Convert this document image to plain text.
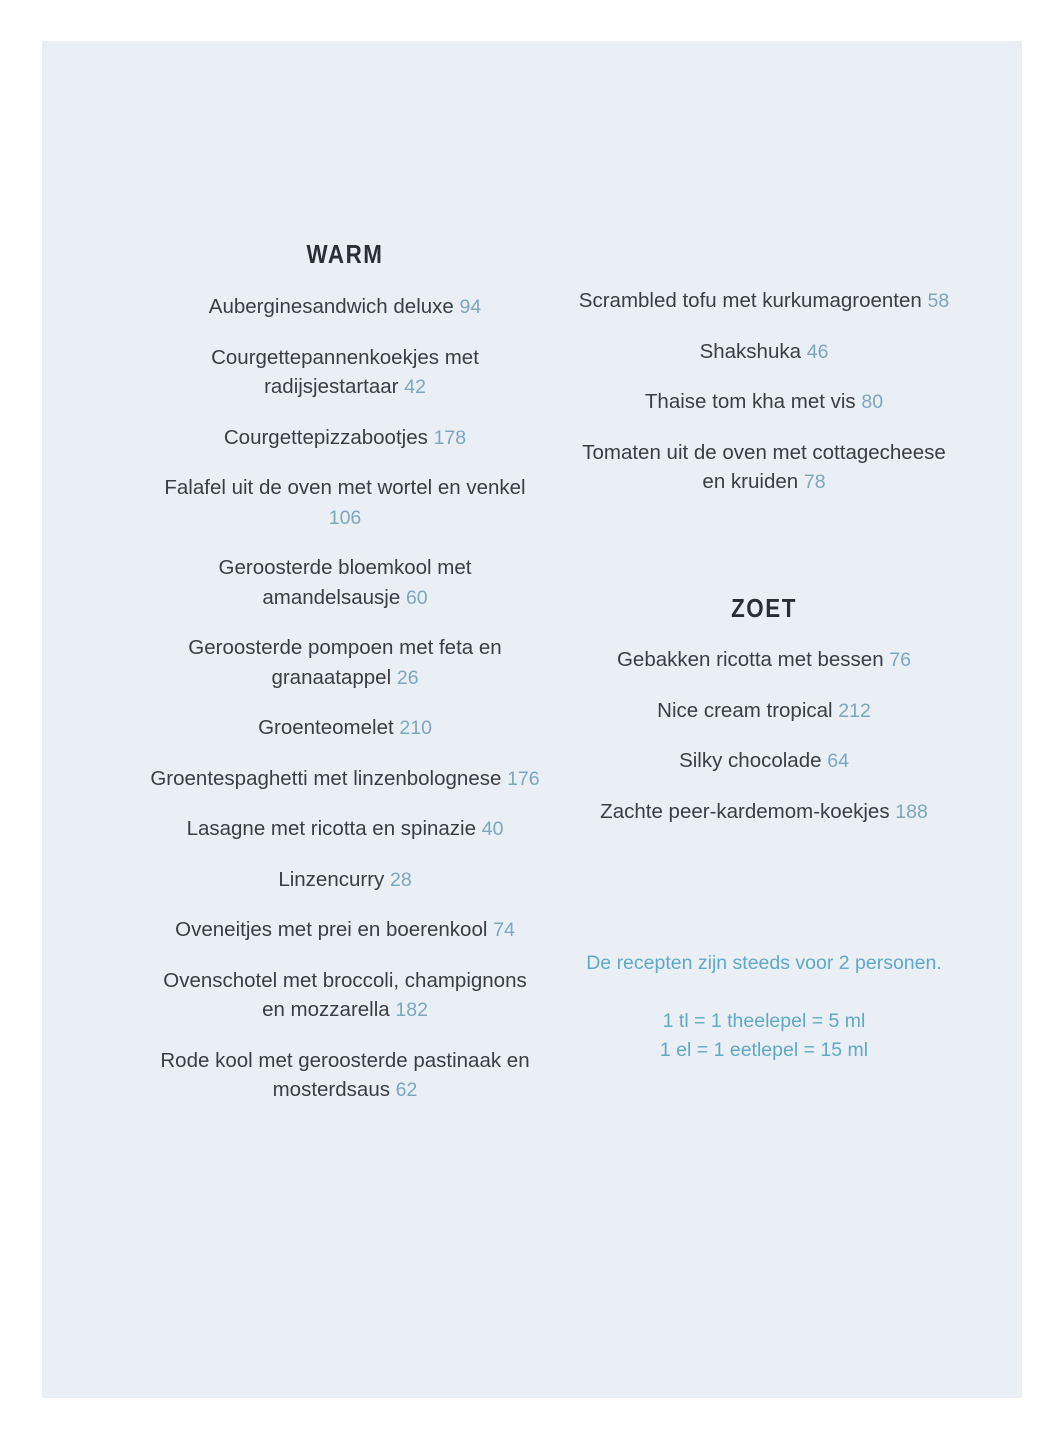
WARM
Auberginesandwich deluxe 94
Courgettepannenkoekjes met radijsjestartaar 42
Courgettepizzabootjes 178
Falafel uit de oven met wortel en venkel 106
Geroosterde bloemkool met amandelsausje 60
Geroosterde pompoen met feta en granaatappel 26
Groenteomelet 210
Groentespaghetti met linzenbolognese 176
Lasagne met ricotta en spinazie 40
Linzencurry 28
Oveneitjes met prei en boerenkool 74
Ovenschotel met broccoli, champignons en mozzarella 182
Rode kool met geroosterde pastinaak en mosterdsaus 62
Scrambled tofu met kurkumagroenten 58
Shakshuka 46
Thaise tom kha met vis 80
Tomaten uit de oven met cottagecheese en kruiden 78
ZOET
Gebakken ricotta met bessen 76
Nice cream tropical 212
Silky chocolade 64
Zachte peer-kardemom-koekjes 188
De recepten zijn steeds voor 2 personen.
1 tl = 1 theelepel = 5 ml
1 el = 1 eetlepel = 15 ml
